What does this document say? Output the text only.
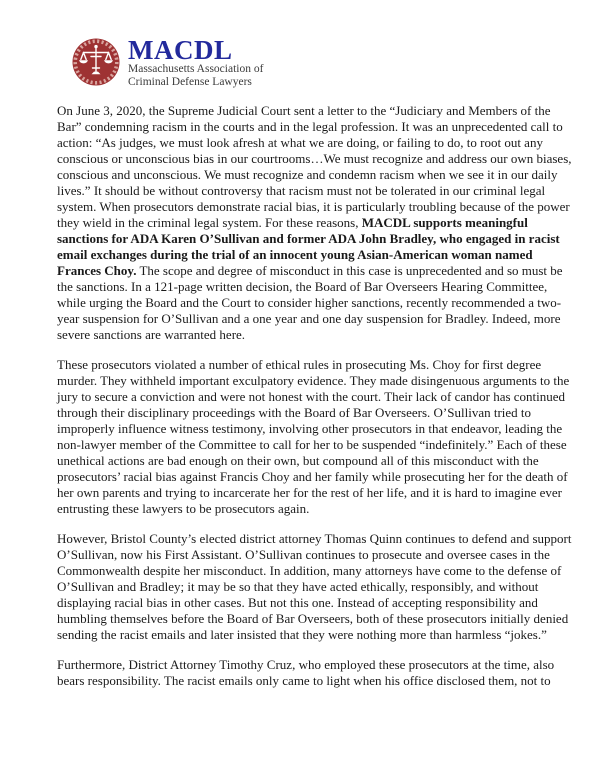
MACDL
Massachusetts Association of
Criminal Defense Lawyers

On June 3, 2020, the Supreme Judicial Court sent a letter to the “Judiciary and Members of the Bar” condemning racism in the courts and in the legal profession. It was an unprecedented call to action: “As judges, we must look afresh at what we are doing, or failing to do, to root out any conscious or unconscious bias in our courtrooms…We must recognize and address our own biases, conscious and unconscious. We must recognize and condemn racism when we see it in our daily lives.” It should be without controversy that racism must not be tolerated in our criminal legal system. When prosecutors demonstrate racial bias, it is particularly troubling because of the power they wield in the criminal legal system. For these reasons, MACDL supports meaningful sanctions for ADA Karen O’Sullivan and former ADA John Bradley, who engaged in racist email exchanges during the trial of an innocent young Asian-American woman named Frances Choy. The scope and degree of misconduct in this case is unprecedented and so must be the sanctions. In a 121-page written decision, the Board of Bar Overseers Hearing Committee, while urging the Board and the Court to consider higher sanctions, recently recommended a two-year suspension for O’Sullivan and a one year and one day suspension for Bradley. Indeed, more severe sanctions are warranted here.

These prosecutors violated a number of ethical rules in prosecuting Ms. Choy for first degree murder. They withheld important exculpatory evidence. They made disingenuous arguments to the jury to secure a conviction and were not honest with the court. Their lack of candor has continued through their disciplinary proceedings with the Board of Bar Overseers. O’Sullivan tried to improperly influence witness testimony, involving other prosecutors in that endeavor, leading the non-lawyer member of the Committee to call for her to be suspended “indefinitely.” Each of these unethical actions are bad enough on their own, but compound all of this misconduct with the prosecutors’ racial bias against Francis Choy and her family while prosecuting her for the death of her own parents and trying to incarcerate her for the rest of her life, and it is hard to imagine ever entrusting these lawyers to be prosecutors again.

However, Bristol County’s elected district attorney Thomas Quinn continues to defend and support O’Sullivan, now his First Assistant. O’Sullivan continues to prosecute and oversee cases in the Commonwealth despite her misconduct. In addition, many attorneys have come to the defense of O’Sullivan and Bradley; it may be so that they have acted ethically, responsibly, and without displaying racial bias in other cases. But not this one. Instead of accepting responsibility and humbling themselves before the Board of Bar Overseers, both of these prosecutors initially denied sending the racist emails and later insisted that they were nothing more than harmless “jokes.”

Furthermore, District Attorney Timothy Cruz, who employed these prosecutors at the time, also bears responsibility. The racist emails only came to light when his office disclosed them, not to
